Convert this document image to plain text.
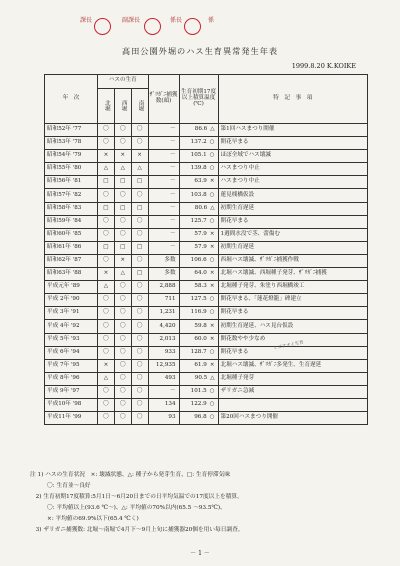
課長	副課長	係長	係
高田公園外堀のハス生育異常発生年表
1999.8.20 K.KOIKE
年　次	ハスの生育			ｻﾞﾘｶﾞﾆ捕獲数(頭)	生育初期17度以上積算温度(℃)	特　記　事　項
	北堀	西堀	南堀			
昭和52年 '77	〇	〇	〇	－	86.6 △	第1回ハスまつり開催
昭和53年 '78	〇	〇	〇	－	137.2 ○	開花早まる
昭和54年 '79	×	×	×	－	105.1 ○	ほぼ全域でハス壊滅
昭和55年 '80	△	△	△	－	139.8 ○	ハスまつり中止
昭和56年 '81	□	□	□	－	63.9 ×	ハスまつり中止
昭和57年 '82	〇	〇	〇	－	103.8 ○	蓮見桟橋仮設
昭和58年 '83	□	□	□	－	80.6 △	初期生育遅延
昭和59年 '84	〇	〇	〇	－	125.7 ○	開花早まる
昭和60年 '85	〇	〇	〇	－	57.9 ×	1週間水没で茎、蕾傷む
昭和61年 '86	□	□	□	－	57.9 ×	初期生育遅延
昭和62年 '87	〇	×	〇	多数	106.6 ○	西堀ハス壊滅、ｻﾞﾘｶﾞﾆ捕獲作戦
昭和63年 '88	×	△	□	多数	64.0 ×	北堀ハス壊滅、西堀種子発芽、ｻﾞﾘｶﾞﾆ捕獲
平成元年 '89	△	〇	〇	2,888	58.3 ×	北堀種子発芽、朱塗り西堀橋竣工
平成 2年 '90	〇	〇	〇	711	127.5 ○	開花早まる、「蓮花燈籠」碑建立
平成 3年 '91	〇	〇	〇	1,231	116.9 ○	開花早まる
平成 4年 '92	〇	〇	〇	4,420	59.8 ×	初期生育遅延、ハス見台仮設
平成 5年 '93	〇	〇	〇	2,013	60.0 ×	開花数やや少なめ
平成 6年 '94	〇	〇	〇	933	128.7 ○	開花早まる
平成 7年 '95	×	〇	〇	12,935	61.9 ×	北堀ハス壊滅、ｻﾞﾘｶﾞﾆ多発生、生育遅延
平成 8年 '96	△	〇	〇	493	90.5 △	北堀種子発芽
平成 9年 '97	〇	〇	〇	－	101.5 ○	ザリガニ急減
平成10年 '98	〇	〇	〇	134	122.9 ○	
平成11年 '99	〇	〇	〇	93	96.8 ○	第20回ハスまつり開催
ミズアオイ生育
注 1) ハスの生育状況　×: 壊滅状態、△: 種子から発芽生育、□: 生育停滞気味
　　　〇: 生育並～良好
　2) 生育初期17度積算:5月1日～6月20日までの日平均気温での17度以上を積算。
　　　〇: 平均値以上(93.6 ℃～)、△: 平均値の70%以内(65.5 ～93.5℃)、
　　　×: 平均値の69.9%以下(65.4 ℃く)
　3) ザリガニ捕獲数: 北堀～南堀で4月下～9月上旬に捕獲器20個を用い毎日調査。
－ 1 －
